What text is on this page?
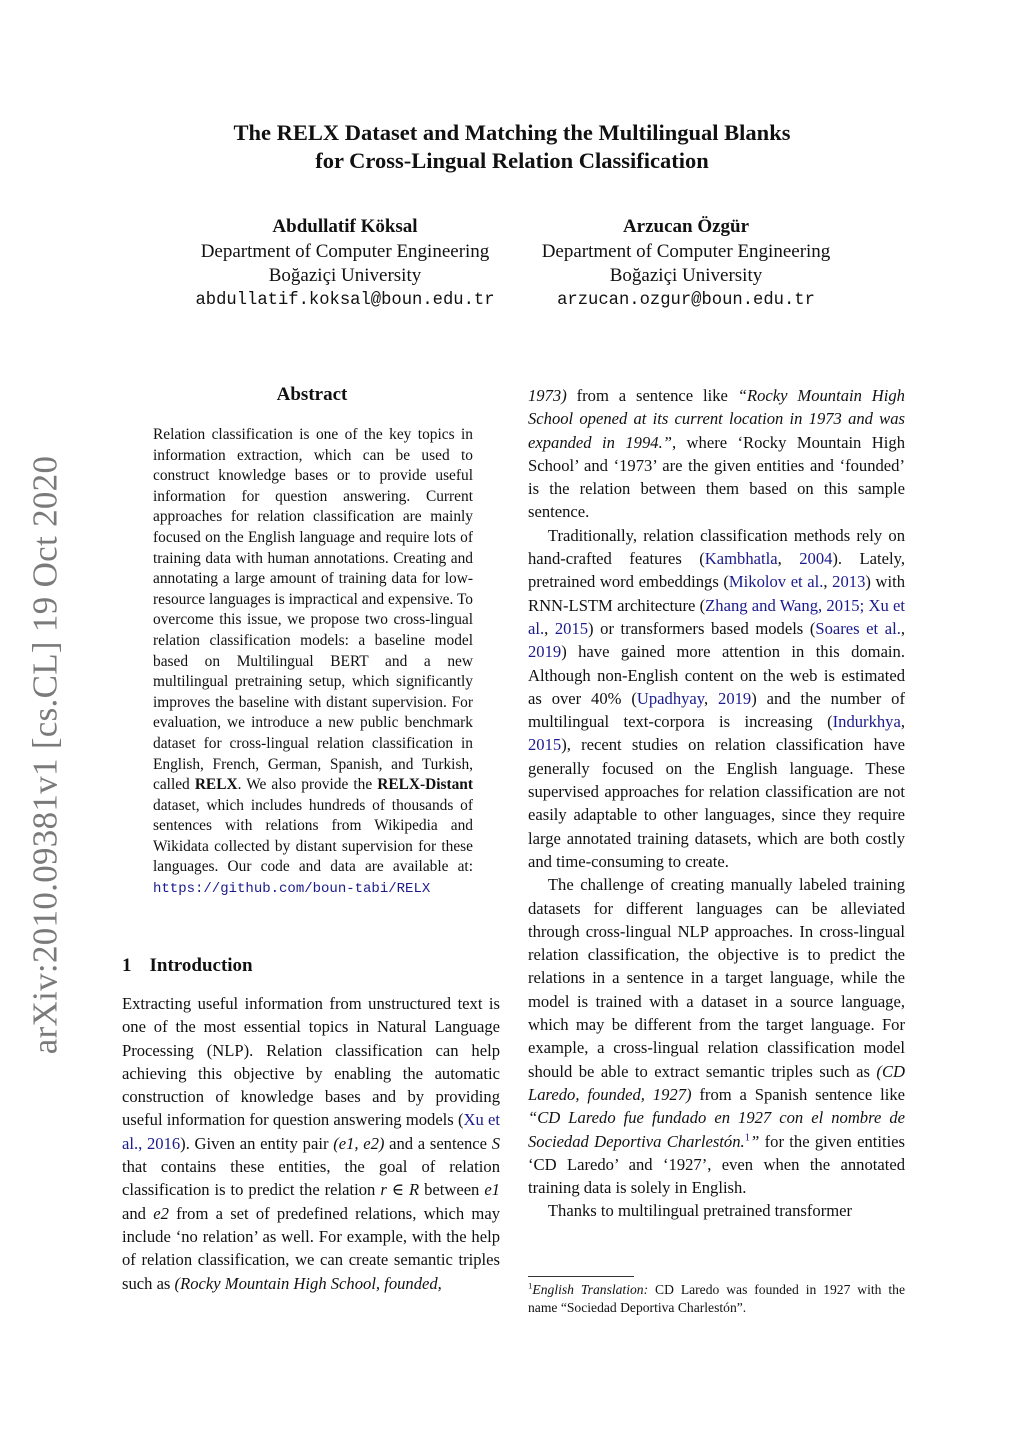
arXiv:2010.09381v1 [cs.CL] 19 Oct 2020
The RELX Dataset and Matching the Multilingual Blanks
for Cross-Lingual Relation Classification
Abdullatif Köksal
Department of Computer Engineering
Boğaziçi University
abdullatif.koksal@boun.edu.tr
Arzucan Özgür
Department of Computer Engineering
Boğaziçi University
arzucan.ozgur@boun.edu.tr
Abstract
Relation classification is one of the key topics in information extraction, which can be used to construct knowledge bases or to provide useful information for question answering. Current approaches for relation classification are mainly focused on the English language and require lots of training data with human annotations. Creating and annotating a large amount of training data for low-resource languages is impractical and expensive. To overcome this issue, we propose two cross-lingual relation classification models: a baseline model based on Multilingual BERT and a new multilingual pretraining setup, which significantly improves the baseline with distant supervision. For evaluation, we introduce a new public benchmark dataset for cross-lingual relation classification in English, French, German, Spanish, and Turkish, called RELX. We also provide the RELX-Distant dataset, which includes hundreds of thousands of sentences with relations from Wikipedia and Wikidata collected by distant supervision for these languages. Our code and data are available at: https://github.com/boun-tabi/RELX
1 Introduction

Extracting useful information from unstructured text is one of the most essential topics in Natural Language Processing (NLP). Relation classification can help achieving this objective by enabling the automatic construction of knowledge bases and by providing useful information for question answering models (Xu et al., 2016). Given an entity pair (e1, e2) and a sentence S that contains these entities, the goal of relation classification is to predict the relation r ∈ R between e1 and e2 from a set of predefined relations, which may include ‘no relation’ as well. For example, with the help of relation classification, we can create semantic triples such as (Rocky Mountain High School, founded,

1973) from a sentence like “Rocky Mountain High School opened at its current location in 1973 and was expanded in 1994.”, where ‘Rocky Mountain High School’ and ‘1973’ are the given entities and ‘founded’ is the relation between them based on this sample sentence.

Traditionally, relation classification methods rely on hand-crafted features (Kambhatla, 2004). Lately, pretrained word embeddings (Mikolov et al., 2013) with RNN-LSTM architecture (Zhang and Wang, 2015; Xu et al., 2015) or transformers based models (Soares et al., 2019) have gained more attention in this domain. Although non-English content on the web is estimated as over 40% (Upadhyay, 2019) and the number of multilingual text-corpora is increasing (Indurkhya, 2015), recent studies on relation classification have generally focused on the English language. These supervised approaches for relation classification are not easily adaptable to other languages, since they require large annotated training datasets, which are both costly and time-consuming to create.

The challenge of creating manually labeled training datasets for different languages can be alleviated through cross-lingual NLP approaches. In cross-lingual relation classification, the objective is to predict the relations in a sentence in a target language, while the model is trained with a dataset in a source language, which may be different from the target language. For example, a cross-lingual relation classification model should be able to extract semantic triples such as (CD Laredo, founded, 1927) from a Spanish sentence like “CD Laredo fue fundado en 1927 con el nombre de Sociedad Deportiva Charlestón.$^1$” for the given entities ‘CD Laredo’ and ‘1927’, even when the annotated training data is solely in English.

Thanks to multilingual pretrained transformer

$^1$English Translation: CD Laredo was founded in 1927 with the name “Sociedad Deportiva Charlestón”.
